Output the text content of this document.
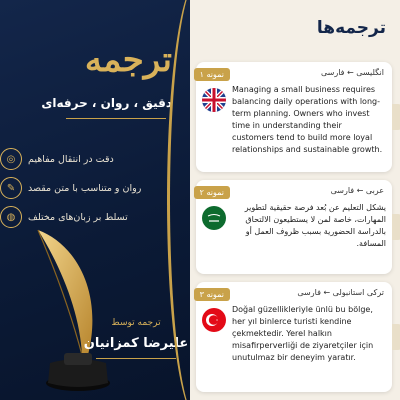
ترجمه
دقیق ، روان ، حرفه‌ای
◎	دقت در انتقال مفاهیم
✎	روان و متناسب با متن مقصد
◍	تسلط بر زبان‌های مختلف
ترجمه توسط
علیرضا کمزانیان
ترجمه‌ها
نمونه ۱	انگلیسی ← فارسی
Managing a small business requires balancing daily operations with long-term planning. Owners who invest time in understanding their customers tend to build more loyal relationships and sustainable growth.
نمونه ۲	عربی ← فارسی
يشكل التعليم عن بُعد فرصة حقيقية لتطوير المهارات، خاصة لمن لا يستطيعون الالتحاق بالدراسة الحضورية بسبب ظروف العمل أو المسافة.
نمونه ۳	ترکی استانبولی ← فارسی
Doğal güzellikleriyle ünlü bu bölge, her yıl binlerce turisti kendine çekmektedir. Yerel halkın misafirperverliği de ziyaretçiler için unutulmaz bir deneyim yaratır.
